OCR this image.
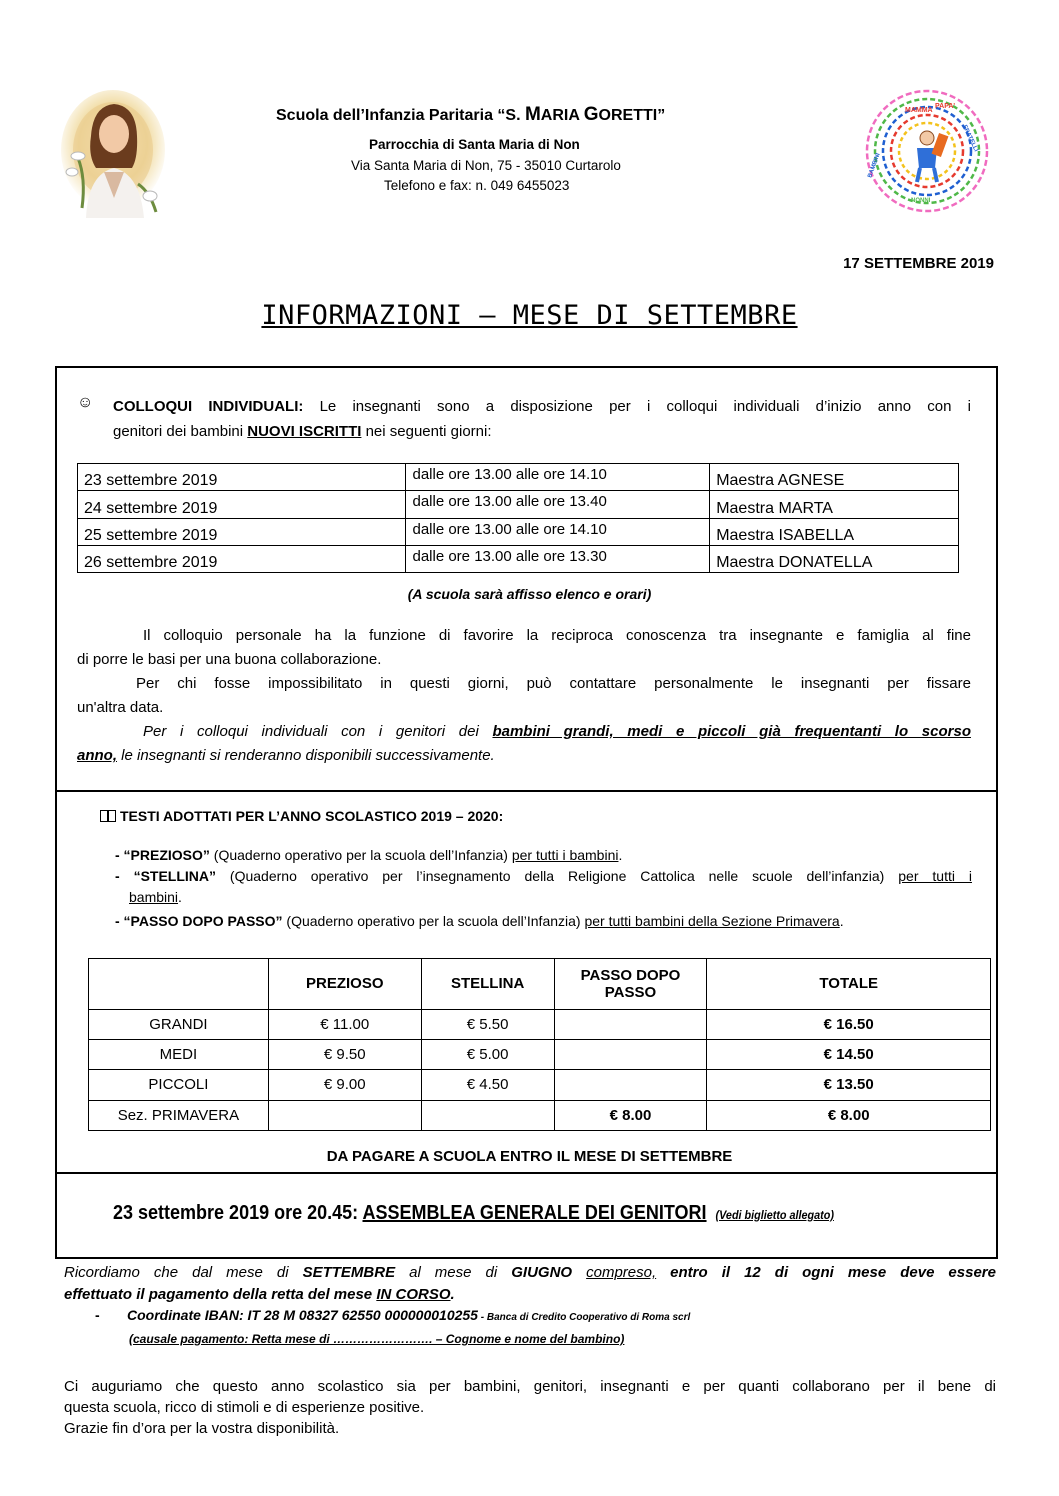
Scuola dell’Infanzia Paritaria “S. MARIA GORETTI”
Parrocchia di Santa Maria di Non
Via Santa Maria di Non, 75 - 35010 Curtarolo
Telefono e fax: n. 049 6455023
MAMMA
PAPA'
BAMBINI
FRATELLI
NONNI
17 SETTEMBRE 2019
INFORMAZIONI – MESE DI SETTEMBRE
☺ COLLOQUI INDIVIDUALI: Le insegnanti sono a disposizione per i colloqui individuali d’inizio anno con i
genitori dei bambini NUOVI ISCRITTI nei seguenti giorni:
23 settembre 2019	dalle ore 13.00 alle ore 14.10	Maestra AGNESE
24 settembre 2019	dalle ore 13.00 alle ore 13.40	Maestra MARTA
25 settembre 2019	dalle ore 13.00 alle ore 14.10	Maestra ISABELLA
26 settembre 2019	dalle ore 13.00 alle ore 13.30	Maestra DONATELLA
(A scuola sarà affisso elenco e orari)
Il colloquio personale ha la funzione di favorire la reciproca conoscenza tra insegnante e famiglia al fine
di porre le basi per una buona collaborazione.
Per chi fosse impossibilitato in questi giorni, può contattare personalmente le insegnanti per fissare
un'altra data.
Per i colloqui individuali con i genitori dei bambini grandi, medi e piccoli già frequentanti lo scorso
anno, le insegnanti si renderanno disponibili successivamente.
TESTI ADOTTATI PER L’ANNO SCOLASTICO 2019 – 2020:
- “PREZIOSO” (Quaderno operativo per la scuola dell’Infanzia) per tutti i bambini.
- “STELLINA” (Quaderno operativo per l’insegnamento della Religione Cattolica nelle scuole dell’infanzia) per tutti i
bambini.
- “PASSO DOPO PASSO” (Quaderno operativo per la scuola dell’Infanzia) per tutti bambini della Sezione Primavera.
	PREZIOSO	STELLINA	PASSO DOPO PASSO	TOTALE
GRANDI	€ 11.00	€ 5.50		€ 16.50
MEDI	€ 9.50	€ 5.00		€ 14.50
PICCOLI	€ 9.00	€ 4.50		€ 13.50
Sez. PRIMAVERA			€ 8.00	€ 8.00
DA PAGARE A SCUOLA ENTRO IL MESE DI SETTEMBRE
23 settembre 2019 ore 20.45: ASSEMBLEA GENERALE DEI GENITORI (Vedi biglietto allegato)
Ricordiamo che dal mese di SETTEMBRE al mese di GIUGNO compreso, entro il 12 di ogni mese deve essere
effettuato il pagamento della retta del mese IN CORSO.
- Coordinate IBAN: IT 28 M 08327 62550 000000010255 - Banca di Credito Cooperativo di Roma scrl
(causale pagamento: Retta mese di ……………………. – Cognome e nome del bambino)
Ci auguriamo che questo anno scolastico sia per bambini, genitori, insegnanti e per quanti collaborano per il bene di
questa scuola, ricco di stimoli e di esperienze positive.
Grazie fin d’ora per la vostra disponibilità.
